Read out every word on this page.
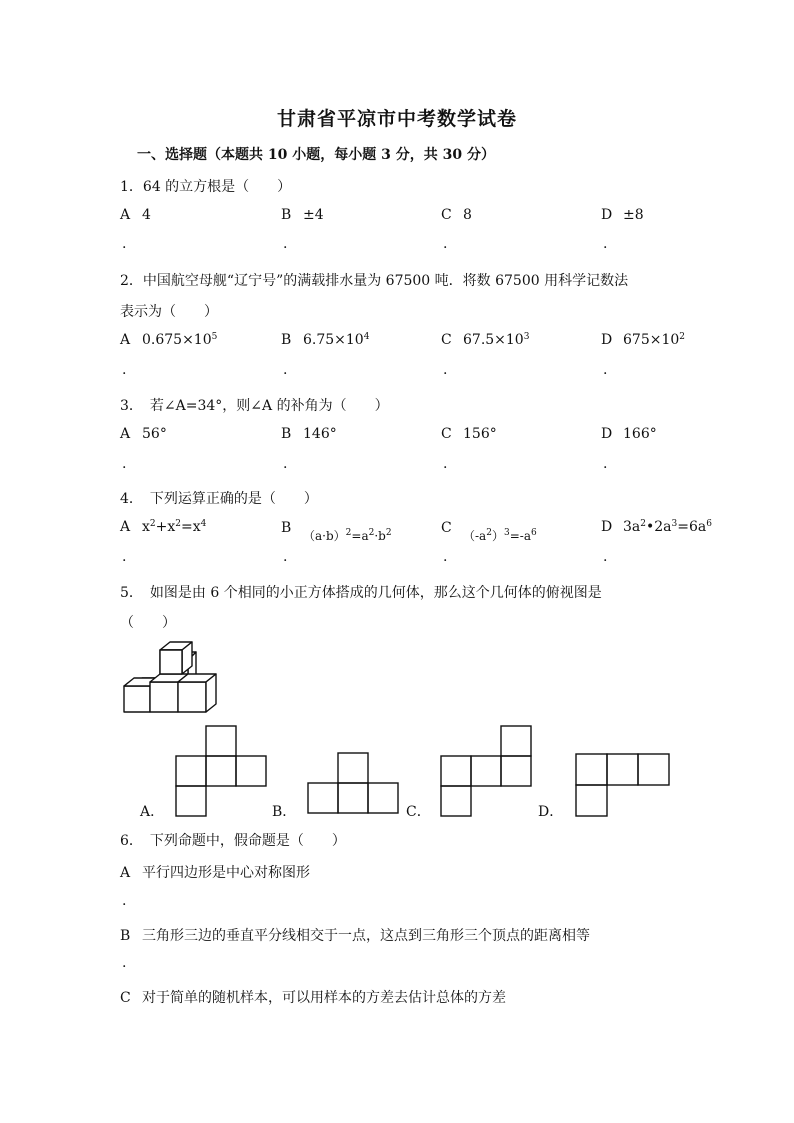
甘肃省平凉市中考数学试卷
一、选择题（本题共 10 小题，每小题 3 分，共 30 分）
1．64 的立方根是（　　）
A 4	B ±4	C 8	D ±8
.	.	.	.
2．中国航空母舰“辽宁号”的满载排水量为 67500 吨．将数 67500 用科学记数法
表示为（　　）
A $0.675\times 10^5$	B $6.75\times 10^4$	C $67.5\times 10^3$	D $675\times 10^2$
.	.	.	.
3．　若∠A=34°，则∠A 的补角为（　　）
A 56°	B 146°	C 156°	D 166°
.	.	.	.
4．　下列运算正确的是（　　）
A $x^2+x^2=x^4$	B $(a\cdot b)^2=a^2\cdot b^2$	C $(-a^2)^3=-a^6$	D $3a^2•2a^3=6a^6$
.	.	.	.
5．　如图是由 6 个相同的小正方体搭成的几何体，那么这个几何体的俯视图是
（　　）
A．	B．	C．	D．
6．　下列命题中，假命题是（　　）
A 平行四边形是中心对称图形
.
B 三角形三边的垂直平分线相交于一点，这点到三角形三个顶点的距离相等
.
C 对于简单的随机样本，可以用样本的方差去估计总体的方差
